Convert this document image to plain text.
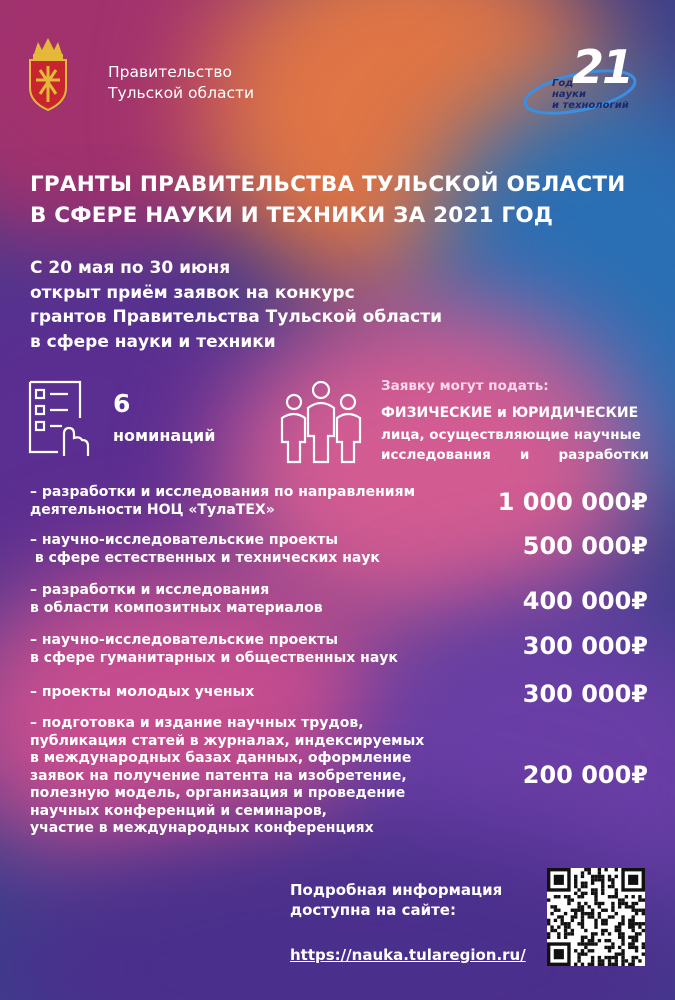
Правительство
Тульской области	21
Год
науки
и технологий
ГРАНТЫ ПРАВИТЕЛЬСТВА ТУЛЬСКОЙ ОБЛАСТИ
В СФЕРЕ НАУКИ И ТЕХНИКИ ЗА 2021 ГОД
С 20 мая по 30 июня
открыт приём заявок на конкурс
грантов Правительства Тульской области
в сфере науки и техники
6
номинаций
Заявку могут подать:
ФИЗИЧЕСКИЕ и ЮРИДИЧЕСКИЕ
лица, осуществляющие научные
исследования и разработки
– разработки и исследования по направлениям
деятельности НОЦ «ТулаТЕХ»	1 000 000₽
– научно-исследовательские проекты
в сфере естественных и технических наук	500 000₽
– разработки и исследования
в области композитных материалов	400 000₽
– научно-исследовательские проекты
в сфере гуманитарных и общественных наук	300 000₽
– проекты молодых ученых	300 000₽
– подготовка и издание научных трудов,
публикация статей в журналах, индексируемых
в международных базах данных, оформление
заявок на получение патента на изобретение,
полезную модель, организация и проведение
научных конференций и семинаров,
участие в международных конференциях
200 000₽
Подробная информация
доступна на сайте:
https://nauka.tularegion.ru/
